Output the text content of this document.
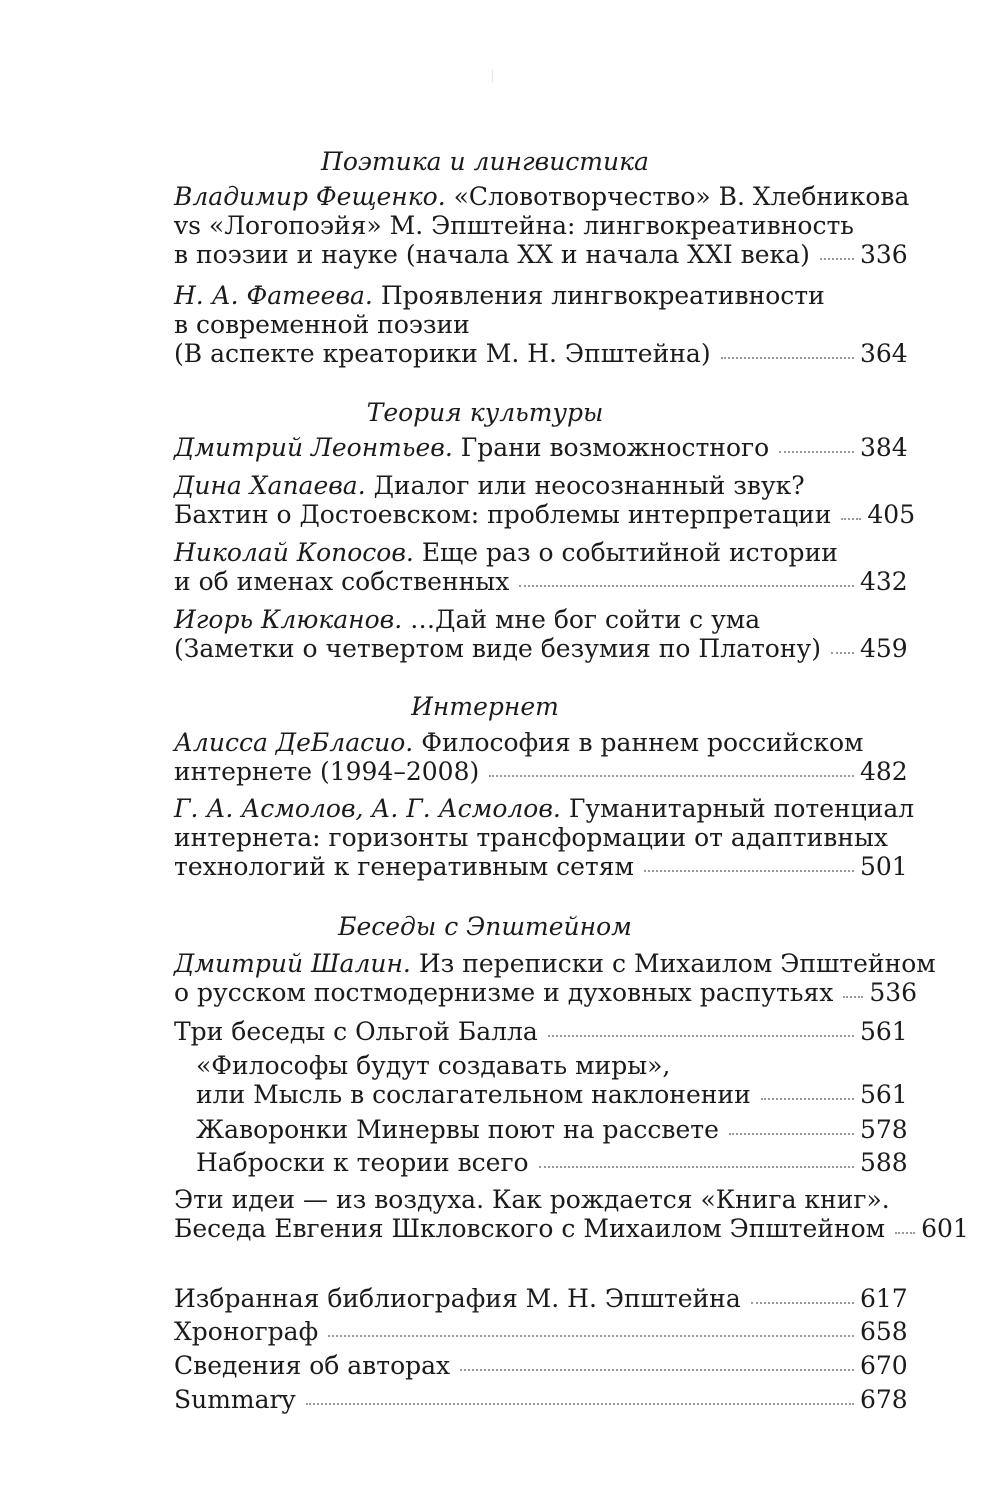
Поэтика и лингвистика
Владимир Фещенко. «Словотворчество» В. Хлебникова
vs «Логопоэйя» М. Эпштейна: лингвокреативность
в поэзии и науке (начала XX и начала XXI века) 336
Н. А. Фатеева. Проявления лингвокреативности
в современной поэзии
(В аспекте креаторики М. Н. Эпштейна)	364
Теория культуры
Дмитрий Леонтьев. Грани возможностного	384
Дина Хапаева. Диалог или неосознанный звук?
Бахтин о Достоевском: проблемы интерпретации 405
Николай Копосов. Еще раз о событийной истории
и об именах собственных	432
Игорь Клюканов. …Дай мне бог сойти с ума
(Заметки о четвертом виде безумия по Платону) 459
Интернет
Алисса ДеБласио. Философия в раннем российском
интернете (1994–2008)	482
Г. А. Асмолов, А. Г. Асмолов. Гуманитарный потенциал
интернета: горизонты трансформации от адаптивных
технологий к генеративным сетям	501
Беседы с Эпштейном
Дмитрий Шалин. Из переписки с Михаилом Эпштейном
о русском постмодернизме и духовных распутьях 536
Три беседы с Ольгой Балла	561
«Философы будут создавать миры»,
или Мысль в сослагательном наклонении	561
Жаворонки Минервы поют на рассвете	578
Наброски к теории всего	588
Эти идеи — из воздуха. Как рождается «Книга книг».
Беседа Евгения Шкловского с Михаилом Эпштейном 601
Избранная библиография М. Н. Эпштейна	617
Хронограф	658
Сведения об авторах	670
Summary	678
